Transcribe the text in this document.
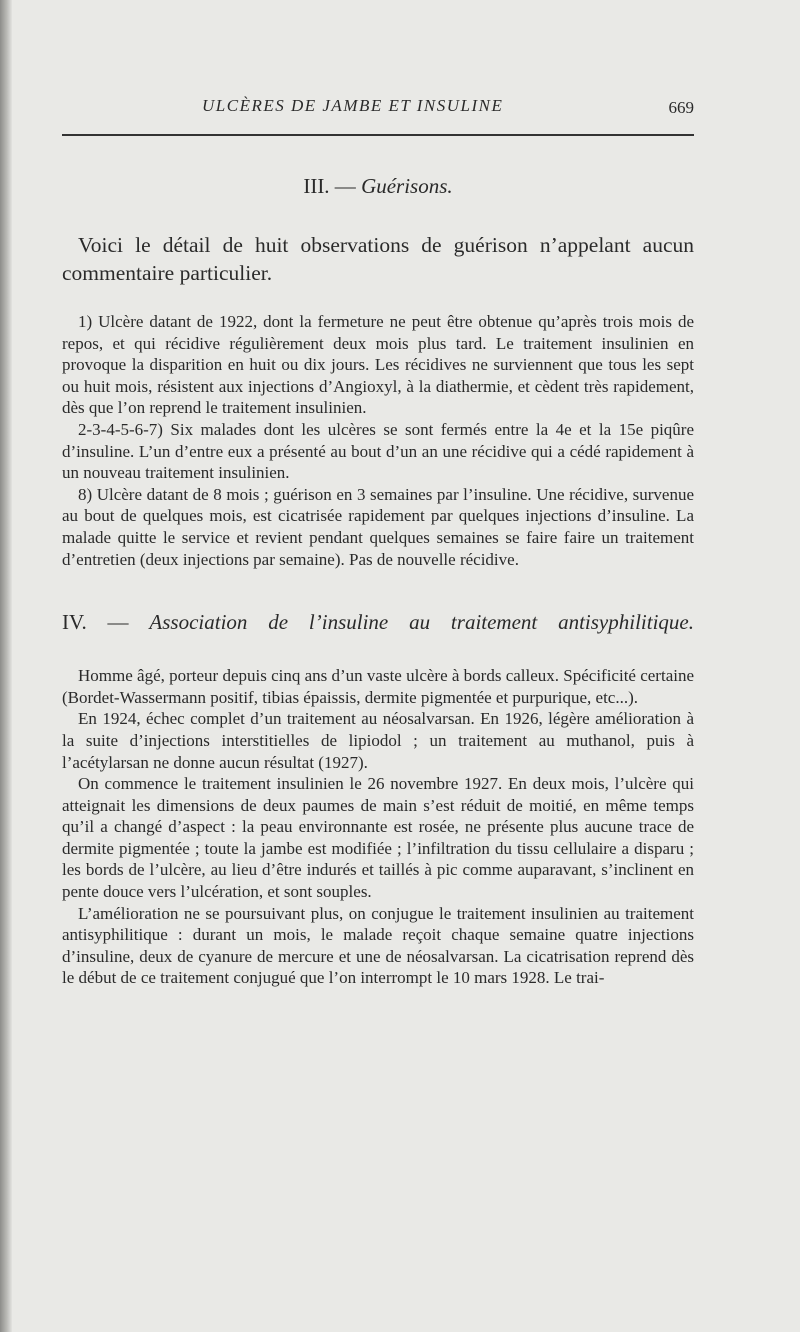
ULCÈRES DE JAMBE ET INSULINE	669
III. — Guérisons.

Voici le détail de huit observations de guérison n’appelant aucun commentaire particulier.

1) Ulcère datant de 1922, dont la fermeture ne peut être obtenue qu’après trois mois de repos, et qui récidive régulièrement deux mois plus tard. Le traitement insulinien en provoque la disparition en huit ou dix jours. Les récidives ne surviennent que tous les sept ou huit mois, résistent aux injections d’Angioxyl, à la diathermie, et cèdent très rapidement, dès que l’on reprend le traitement insulinien.

2-3-4-5-6-7) Six malades dont les ulcères se sont fermés entre la 4e et la 15e piqûre d’insuline. L’un d’entre eux a présenté au bout d’un an une récidive qui a cédé rapidement à un nouveau traitement insulinien.

8) Ulcère datant de 8 mois ; guérison en 3 semaines par l’insuline. Une récidive, survenue au bout de quelques mois, est cicatrisée rapidement par quelques injections d’insuline. La malade quitte le service et revient pendant quelques semaines se faire faire un traitement d’entretien (deux injections par semaine). Pas de nouvelle récidive.

IV. — Association de l’insuline au traitement antisyphilitique.

Homme âgé, porteur depuis cinq ans d’un vaste ulcère à bords calleux. Spécificité certaine (Bordet-Wassermann positif, tibias épaissis, dermite pigmentée et purpurique, etc...).

En 1924, échec complet d’un traitement au néosalvarsan. En 1926, légère amélioration à la suite d’injections interstitielles de lipiodol ; un traitement au muthanol, puis à l’acétylarsan ne donne aucun résultat (1927).

On commence le traitement insulinien le 26 novembre 1927. En deux mois, l’ulcère qui atteignait les dimensions de deux paumes de main s’est réduit de moitié, en même temps qu’il a changé d’aspect : la peau environnante est rosée, ne présente plus aucune trace de dermite pigmentée ; toute la jambe est modifiée ; l’infiltration du tissu cellulaire a disparu ; les bords de l’ulcère, au lieu d’être indurés et taillés à pic comme auparavant, s’inclinent en pente douce vers l’ulcération, et sont souples.

L’amélioration ne se poursuivant plus, on conjugue le traitement insulinien au traitement antisyphilitique : durant un mois, le malade reçoit chaque semaine quatre injections d’insuline, deux de cyanure de mercure et une de néosalvarsan. La cicatrisation reprend dès le début de ce traitement conjugué que l’on interrompt le 10 mars 1928. Le trai-
